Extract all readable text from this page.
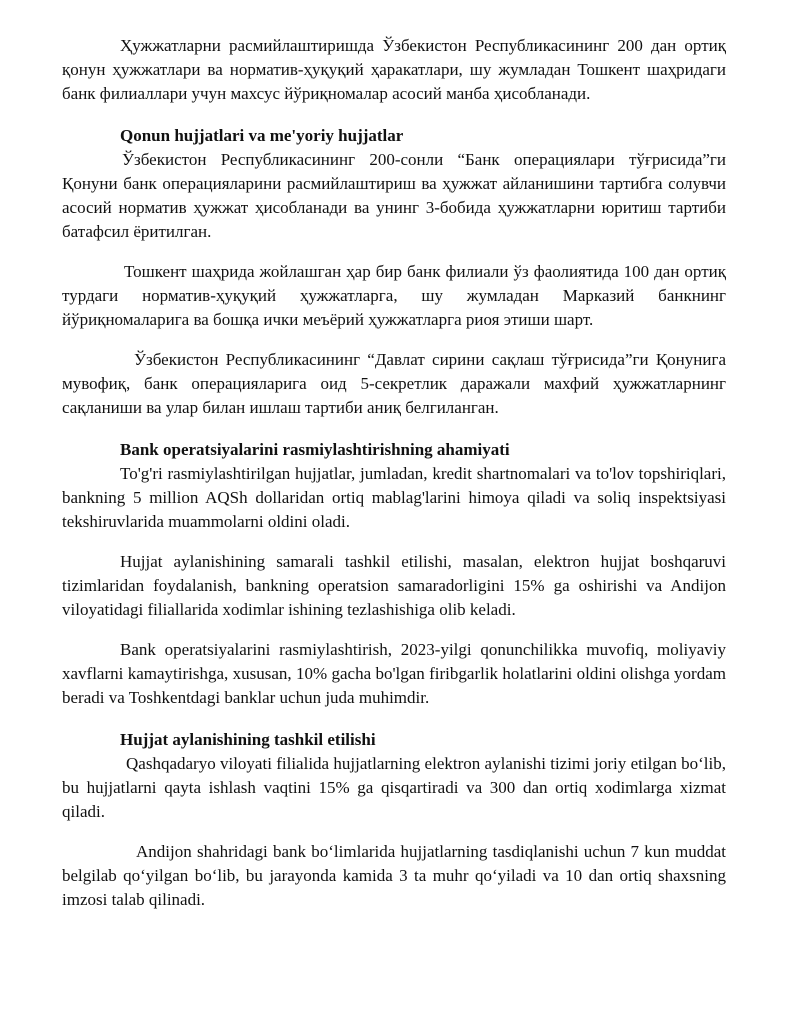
Ҳужжатларни расмийлаштиришда Ўзбекистон Республикасининг 200 дан ортиқ қонун ҳужжатлари ва норматив-ҳуқуқий ҳаракатлари, шу жумладан Тошкент шаҳридаги банк филиаллари учун махсус йўриқномалар асосий манба ҳисобланади.

Qonun hujjatlari va me'yoriy hujjatlar

Ўзбекистон Республикасининг 200-сонли “Банк операциялари тўғрисида”ги Қонуни банк операцияларини расмийлаштириш ва ҳужжат айланишини тартибга солувчи асосий норматив ҳужжат ҳисобланади ва унинг 3-бобида ҳужжатларни юритиш тартиби батафсил ёритилган.

Тошкент шаҳрида жойлашган ҳар бир банк филиали ўз фаолиятида 100 дан ортиқ турдаги норматив-ҳуқуқий ҳужжатларга, шу жумладан Марказий банкнинг йўриқномаларига ва бошқа ички меъёрий ҳужжатларга риоя этиши шарт.

Ўзбекистон Республикасининг “Давлат сирини сақлаш тўғрисида”ги Қонунига мувофиқ, банк операцияларига оид 5-секретлик даражали махфий ҳужжатларнинг сақланиши ва улар билан ишлаш тартиби аниқ белгиланган.

Bank operatsiyalarini rasmiylashtirishning ahamiyati

To'g'ri rasmiylashtirilgan hujjatlar, jumladan, kredit shartnomalari va to'lov topshiriqlari, bankning 5 million AQSh dollaridan ortiq mablag'larini himoya qiladi va soliq inspektsiyasi tekshiruvlarida muammolarni oldini oladi.

Hujjat aylanishining samarali tashkil etilishi, masalan, elektron hujjat boshqaruvi tizimlaridan foydalanish, bankning operatsion samaradorligini 15% ga oshirishi va Andijon viloyatidagi filiallarida xodimlar ishining tezlashishiga olib keladi.

Bank operatsiyalarini rasmiylashtirish, 2023-yilgi qonunchilikka muvofiq, moliyaviy xavflarni kamaytirishga, xususan, 10% gacha bo'lgan firibgarlik holatlarini oldini olishga yordam beradi va Toshkentdagi banklar uchun juda muhimdir.

Hujjat aylanishining tashkil etilishi

Qashqadaryo viloyati filialida hujjatlarning elektron aylanishi tizimi joriy etilgan bo‘lib, bu hujjatlarni qayta ishlash vaqtini 15% ga qisqartiradi va 300 dan ortiq xodimlarga xizmat qiladi.

Andijon shahridagi bank bo‘limlarida hujjatlarning tasdiqlanishi uchun 7 kun muddat belgilab qo‘yilgan bo‘lib, bu jarayonda kamida 3 ta muhr qo‘yiladi va 10 dan ortiq shaxsning imzosi talab qilinadi.
